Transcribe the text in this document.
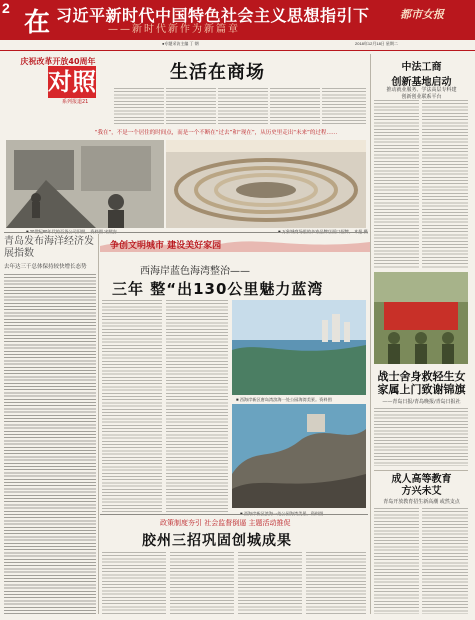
2 在 习近平新时代中国特色社会主义思想指引下
——新时代新作为新篇章
都市女报
●专题采访主编 丁 钢	2018年12月18日 星期二
庆祝改革开放40周年
对照
系列报道21
生活在商场
“我在”，不是一个居住的时间点，而是一个不断在“过去”和“现在”，从历史里走出“未来”的过程……
中法工商
创新基地启动
推动就业服务、学法高层专科建
创新创业联系平台
战士舍身救轻生女
家属上门致谢锦旗
——青岛日报/青岛晚报/青岛日报社
成人高等教育
方兴未艾
青岛开放教育招生新高潮 或然支点
青岛发布海洋经济发展指数
去年达三千总体保持较快增长态势
争创文明城市 建设美好家园
西海岸蓝色海湾整治——
三年 整“出130公里魅力蓝湾
■ 西海岸新区唐岛湾滨海一处公园海湾美景。资料图
政策制度夯引 社会监督倒逼 主题活动推促
胶州三招巩固创城成果
